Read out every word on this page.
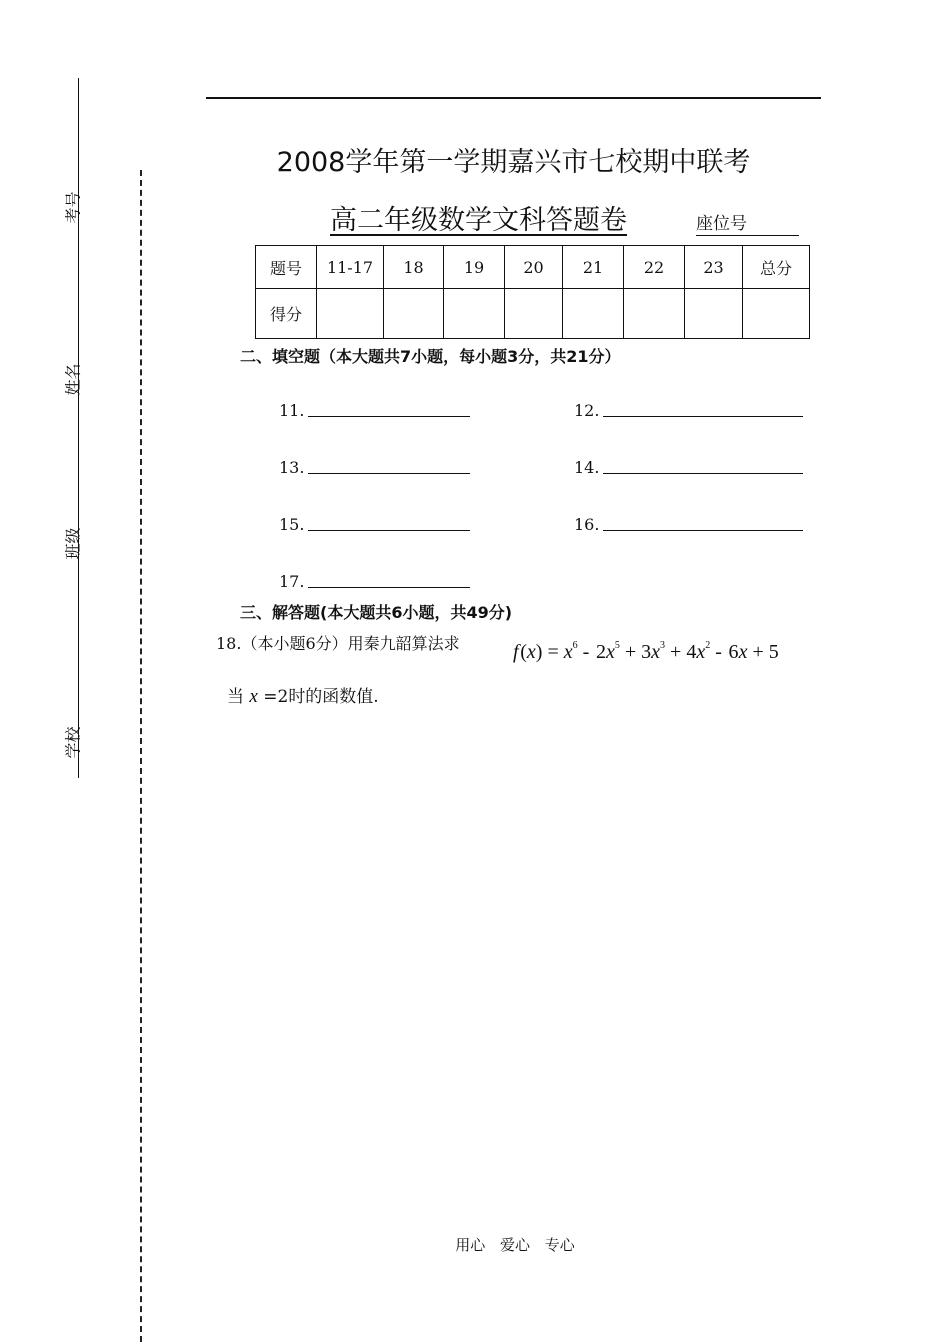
考号
姓名
班级
学校
2008学年第一学期嘉兴市七校期中联考
高二年级数学文科答题卷	座位号
题号	11-17	18	19	20	21	22	23	总分
得分								
二、填空题（本大题共7小题，每小题3分，共21分）
11.	12.
13.	14.
15.	16.
17.
三、解答题(本大题共6小题，共49分)
18.（本小题6分）用秦九韶算法求	f $(x) = x^6$ -  $2x^5 + 3x^3 + 4x^2$ -  6x + 5
当 x =2时的函数值.
用心 爱心 专心
